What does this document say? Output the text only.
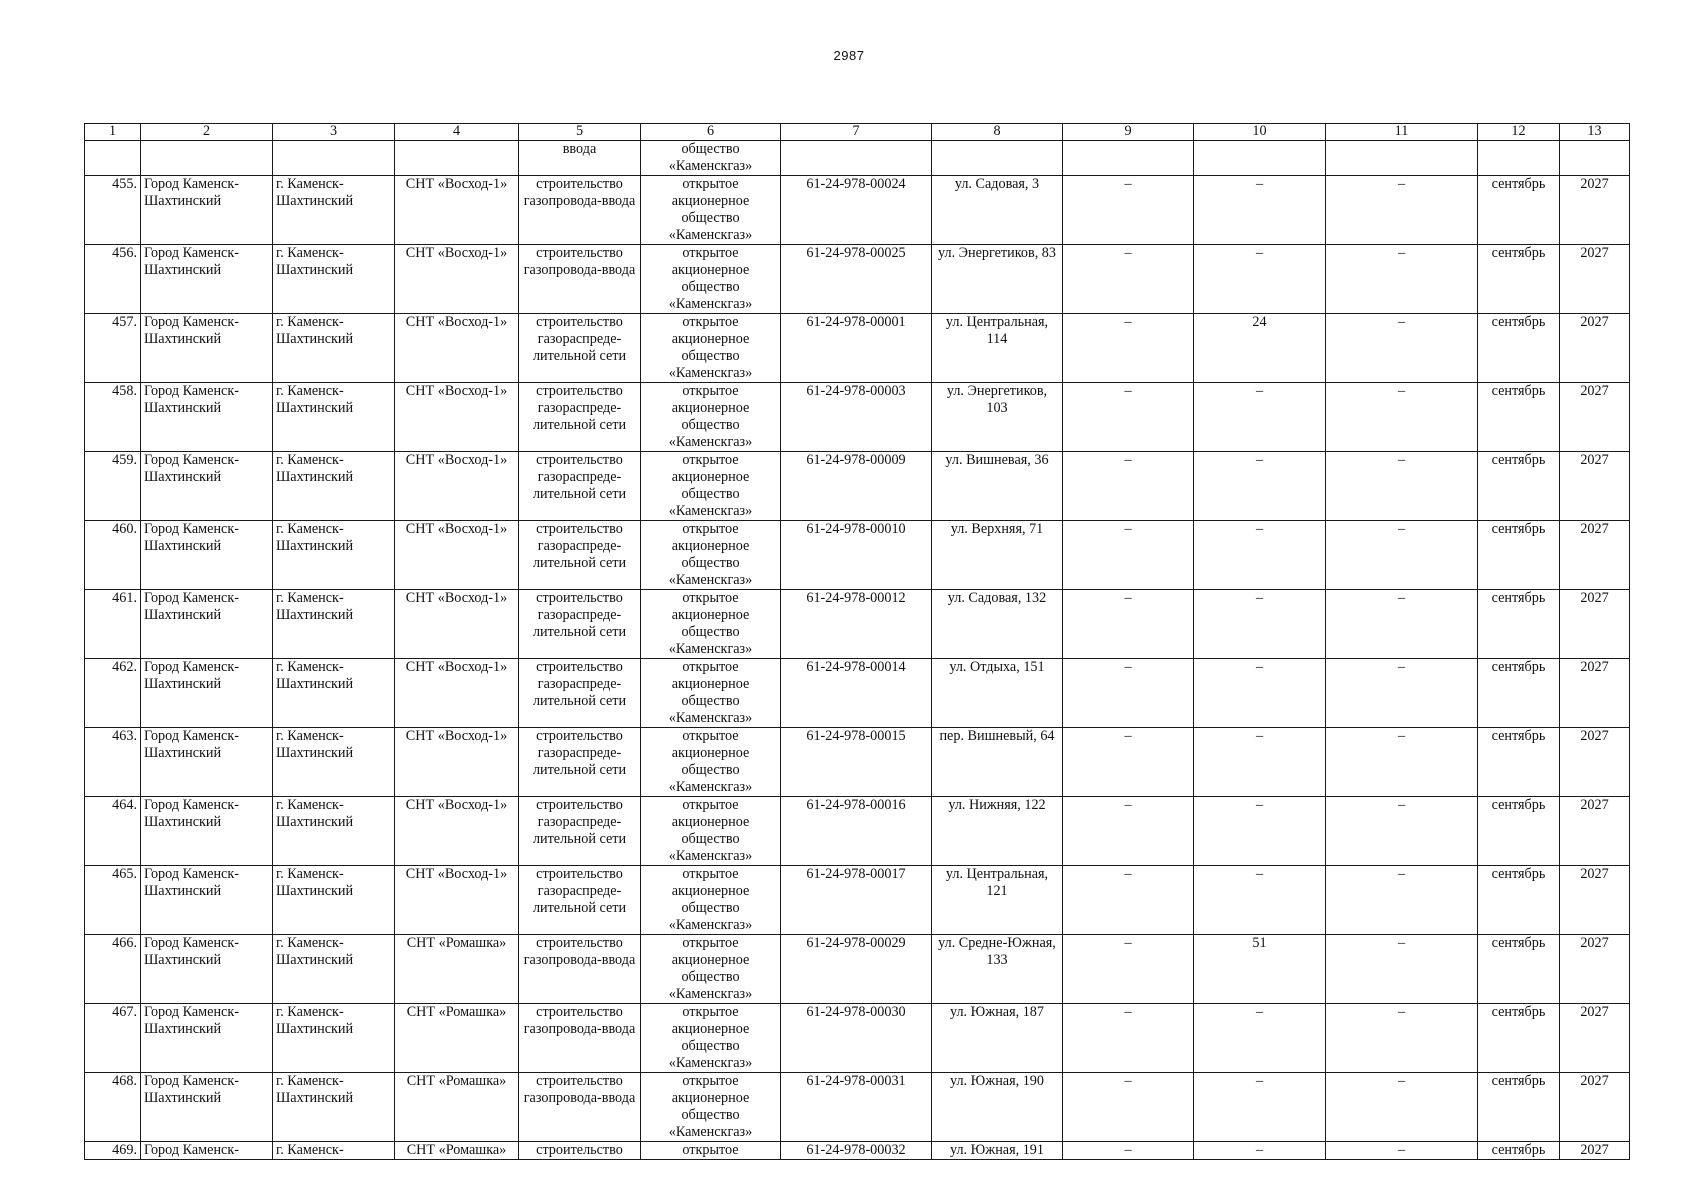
2987
1	2	3	4	5	6	7	8	9	10	11	12	13
				ввода	общество «Каменскгаз»							
455.	Город Каменск-Шахтинский	г. Каменск-Шахтинский	СНТ «Восход-1»	строительство газопровода-ввода	открытое акционерное общество «Каменскгаз»	61-24-978-00024	ул. Садовая, 3	–	–	–	сентябрь	2027
456.	Город Каменск-Шахтинский	г. Каменск-Шахтинский	СНТ «Восход-1»	строительство газопровода-ввода	открытое акционерное общество «Каменскгаз»	61-24-978-00025	ул. Энергетиков, 83	–	–	–	сентябрь	2027
457.	Город Каменск-Шахтинский	г. Каменск-Шахтинский	СНТ «Восход-1»	строительство газораспреде-лительной сети	открытое акционерное общество «Каменскгаз»	61-24-978-00001	ул. Центральная, 114	–	24	–	сентябрь	2027
458.	Город Каменск-Шахтинский	г. Каменск-Шахтинский	СНТ «Восход-1»	строительство газораспреде-лительной сети	открытое акционерное общество «Каменскгаз»	61-24-978-00003	ул. Энергетиков, 103	–	–	–	сентябрь	2027
459.	Город Каменск-Шахтинский	г. Каменск-Шахтинский	СНТ «Восход-1»	строительство газораспреде-лительной сети	открытое акционерное общество «Каменскгаз»	61-24-978-00009	ул. Вишневая, 36	–	–	–	сентябрь	2027
460.	Город Каменск-Шахтинский	г. Каменск-Шахтинский	СНТ «Восход-1»	строительство газораспреде-лительной сети	открытое акционерное общество «Каменскгаз»	61-24-978-00010	ул. Верхняя, 71	–	–	–	сентябрь	2027
461.	Город Каменск-Шахтинский	г. Каменск-Шахтинский	СНТ «Восход-1»	строительство газораспреде-лительной сети	открытое акционерное общество «Каменскгаз»	61-24-978-00012	ул. Садовая, 132	–	–	–	сентябрь	2027
462.	Город Каменск-Шахтинский	г. Каменск-Шахтинский	СНТ «Восход-1»	строительство газораспреде-лительной сети	открытое акционерное общество «Каменскгаз»	61-24-978-00014	ул. Отдыха, 151	–	–	–	сентябрь	2027
463.	Город Каменск-Шахтинский	г. Каменск-Шахтинский	СНТ «Восход-1»	строительство газораспреде-лительной сети	открытое акционерное общество «Каменскгаз»	61-24-978-00015	пер. Вишневый, 64	–	–	–	сентябрь	2027
464.	Город Каменск-Шахтинский	г. Каменск-Шахтинский	СНТ «Восход-1»	строительство газораспреде-лительной сети	открытое акционерное общество «Каменскгаз»	61-24-978-00016	ул. Нижняя, 122	–	–	–	сентябрь	2027
465.	Город Каменск-Шахтинский	г. Каменск-Шахтинский	СНТ «Восход-1»	строительство газораспреде-лительной сети	открытое акционерное общество «Каменскгаз»	61-24-978-00017	ул. Центральная, 121	–	–	–	сентябрь	2027
466.	Город Каменск-Шахтинский	г. Каменск-Шахтинский	СНТ «Ромашка»	строительство газопровода-ввода	открытое акционерное общество «Каменскгаз»	61-24-978-00029	ул. Средне-Южная, 133	–	51	–	сентябрь	2027
467.	Город Каменск-Шахтинский	г. Каменск-Шахтинский	СНТ «Ромашка»	строительство газопровода-ввода	открытое акционерное общество «Каменскгаз»	61-24-978-00030	ул. Южная, 187	–	–	–	сентябрь	2027
468.	Город Каменск-Шахтинский	г. Каменск-Шахтинский	СНТ «Ромашка»	строительство газопровода-ввода	открытое акционерное общество «Каменскгаз»	61-24-978-00031	ул. Южная, 190	–	–	–	сентябрь	2027
469.	Город Каменск-	г. Каменск-	СНТ «Ромашка»	строительство	открытое	61-24-978-00032	ул. Южная, 191	–	–	–	сентябрь	2027
